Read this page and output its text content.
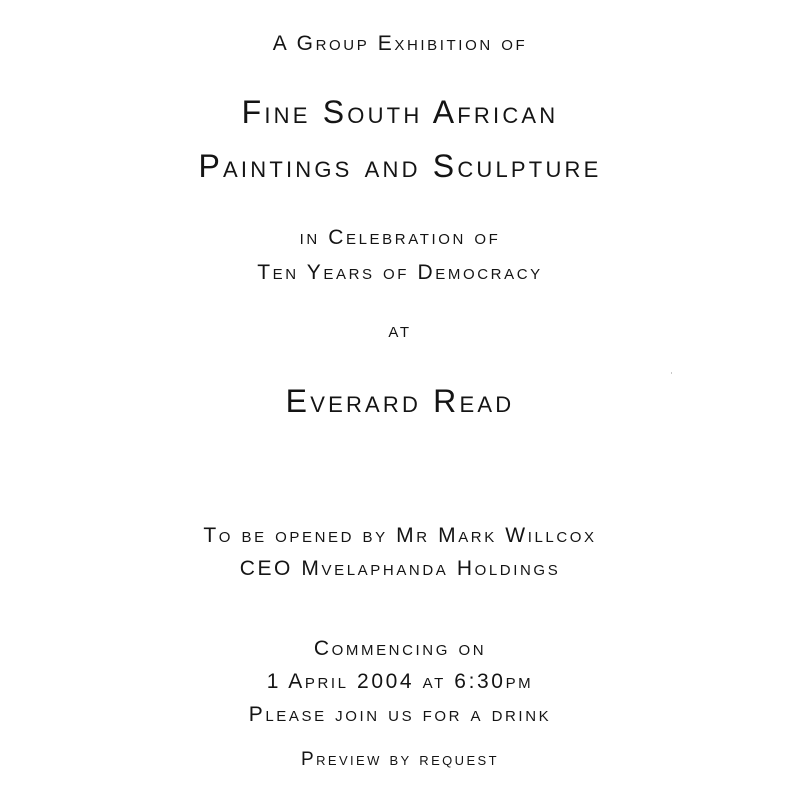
A Group Exhibition of
Fine South African
Paintings and Sculpture
in Celebration of
Ten Years of Democracy
at
Everard Read
To be opened by Mr Mark Willcox
CEO Mvelaphanda Holdings
Commencing on
1 April 2004 at 6:30pm
Please join us for a drink
Preview by request
